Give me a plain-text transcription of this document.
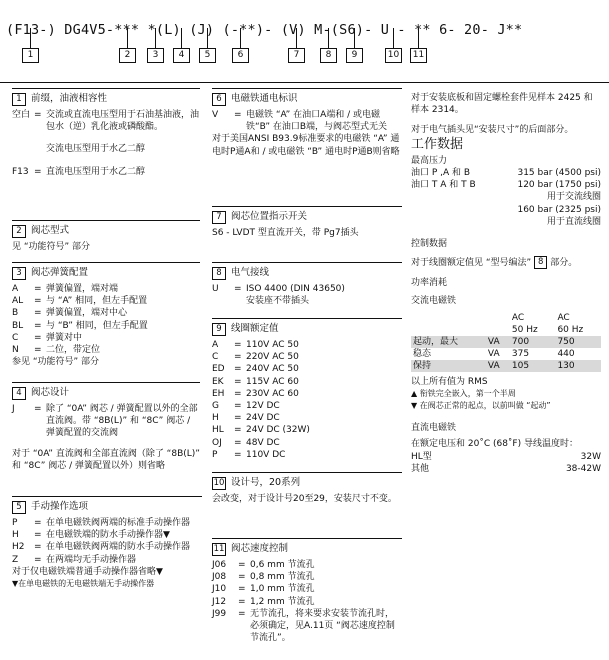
(F13-) DG4V5-*** *(L) (J) (-**)- (V) M-(S6)- U - ** 6- 20- J**

1	2	3	4	5	6	7	8	9	10	11
1 前缀，油液相容性
空白 = 交流或直流电压型用于石油基油液，油包水（逆）乳化液或磷酸酯。
交流电压型用于水乙二醇
F13 = 直流电压型用于水乙二醇
2 阀芯型式
见 “功能符号” 部分
3 阀芯弹簧配置
A	= 弹簧偏置，端对端
AL	= 与 “A” 相同，但左手配置
B	= 弹簧偏置，端对中心
BL	= 与 “B” 相同，但左手配置
C	= 弹簧对中
N	= 二位，带定位
参见 “功能符号” 部分
4 阀芯设计
J	= 除了 “0A” 阀芯 / 弹簧配置以外的全部直流阀。带 “8B(L)” 和 “8C” 阀芯 / 弹簧配置的交流阀
对于 “0A” 直流阀和全部直流阀（除了 “8B(L)” 和 “8C” 阀芯 / 弹簧配置以外）则省略
5 手动操作选项
P	= 在单电磁铁阀两端的标准手动操作器
H	= 在电磁铁端的防水手动操作器▼
H2	= 在单电磁铁阀两端的防水手动操作器
Z	= 在两端均无手动操作器
对于仅电磁铁端普通手动操作器省略▼
▼在单电磁铁的无电磁铁端无手动操作器
6 电磁铁通电标识
V	= 电磁铁 “A” 在油口A端和 / 或电磁铁“B” 在油口B端，与阀芯型式无关
对于美国ANSI B93.9标准要求的电磁铁 “A” 通电时P通A和 / 或电磁铁 “B” 通电时P通B则省略
7 阀芯位置指示开关
S6 - LVDT 型直流开关，带 Pg7插头
8 电气接线
U	= ISO 4400 (DIN 43650)
安装座不带插头
9 线圈额定值
A	= 110V AC 50
C	= 220V AC 50
ED	= 240V AC 50
EK	= 115V AC 60
EH	= 230V AC 60
G	= 12V DC
H	= 24V DC
HL	= 24V DC (32W)
OJ	= 48V DC
P	= 110V DC
10 设计号，20系列
会改变，对于设计号20至29，安装尺寸不变。
11 阀芯速度控制
J06	= 0,6 mm 节流孔
J08	= 0,8 mm 节流孔
J10	= 1,0 mm 节流孔
J12	= 1,2 mm 节流孔
J99	= 无节流孔，将来要求安装节流孔时，必须确定，见A.11页 “阀芯速度控制节流孔”。
对于安装底板和固定螺栓套件见样本 2425 和样本 2314。
对于电气插头见“安装尺寸”的后面部分。
工作数据
最高压力
油口 P ,A 和 B	315 bar (4500 psi)
油口 T A 和 T B	120 bar (1750 psi)
用于交流线圈
160 bar (2325 psi)
用于直流线圈
控制数据
对于线圈额定值见 “型号编法” 8 部分。
功率消耗
交流电磁铁
		AC	AC
		50 Hz	60 Hz
起动，最大	VA	700	750
稳态	VA	375	440
保持	VA	105	130
以上所有值为 RMS
▲ 衔铁完全嵌入，第一个半周
▼ 在阀芯正常的起点，以前叫做 “起动”
直流电磁铁
在额定电压和 20˚C (68˚F) 导线温度时：
HL型	32W
其他	38-42W
